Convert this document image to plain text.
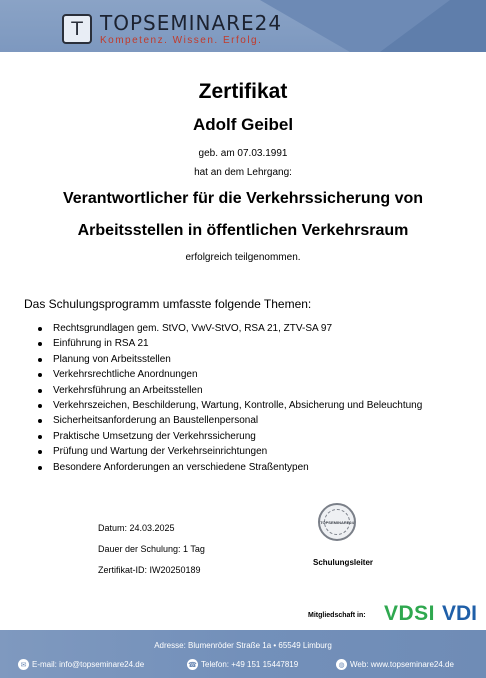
T TOPSEMINARE24
Kompetenz. Wissen. Erfolg.
Zertifikat
Adolf Geibel
geb. am 07.03.1991
hat an dem Lehrgang:
Verantwortlicher für die Verkehrssicherung von
Arbeitsstellen in öffentlichen Verkehrsraum
erfolgreich teilgenommen.
Das Schulungsprogramm umfasste folgende Themen:
Rechtsgrundlagen gem. StVO, VwV-StVO, RSA 21, ZTV-SA 97
Einführung in RSA 21
Planung von Arbeitsstellen
Verkehrsrechtliche Anordnungen
Verkehrsführung an Arbeitsstellen
Verkehrszeichen, Beschilderung, Wartung, Kontrolle, Absicherung und Beleuchtung
Sicherheitsanforderung an Baustellenpersonal
Praktische Umsetzung der Verkehrssicherung
Prüfung und Wartung der Verkehrseinrichtungen
Besondere Anforderungen an verschiedene Straßentypen
Datum: 24.03.2025
Dauer der Schulung: 1 Tag
Zertifikat-ID: IW20250189
TOPSEMINARE24
Schulungsleiter
Mitgliedschaft in: VDSI VDI
Adresse: Blumenröder Straße 1a • 65549 Limburg
✉ E-mail: info@topseminare24.de	☎ Telefon: +49 151 15447819	◍ Web: www.topseminare24.de
